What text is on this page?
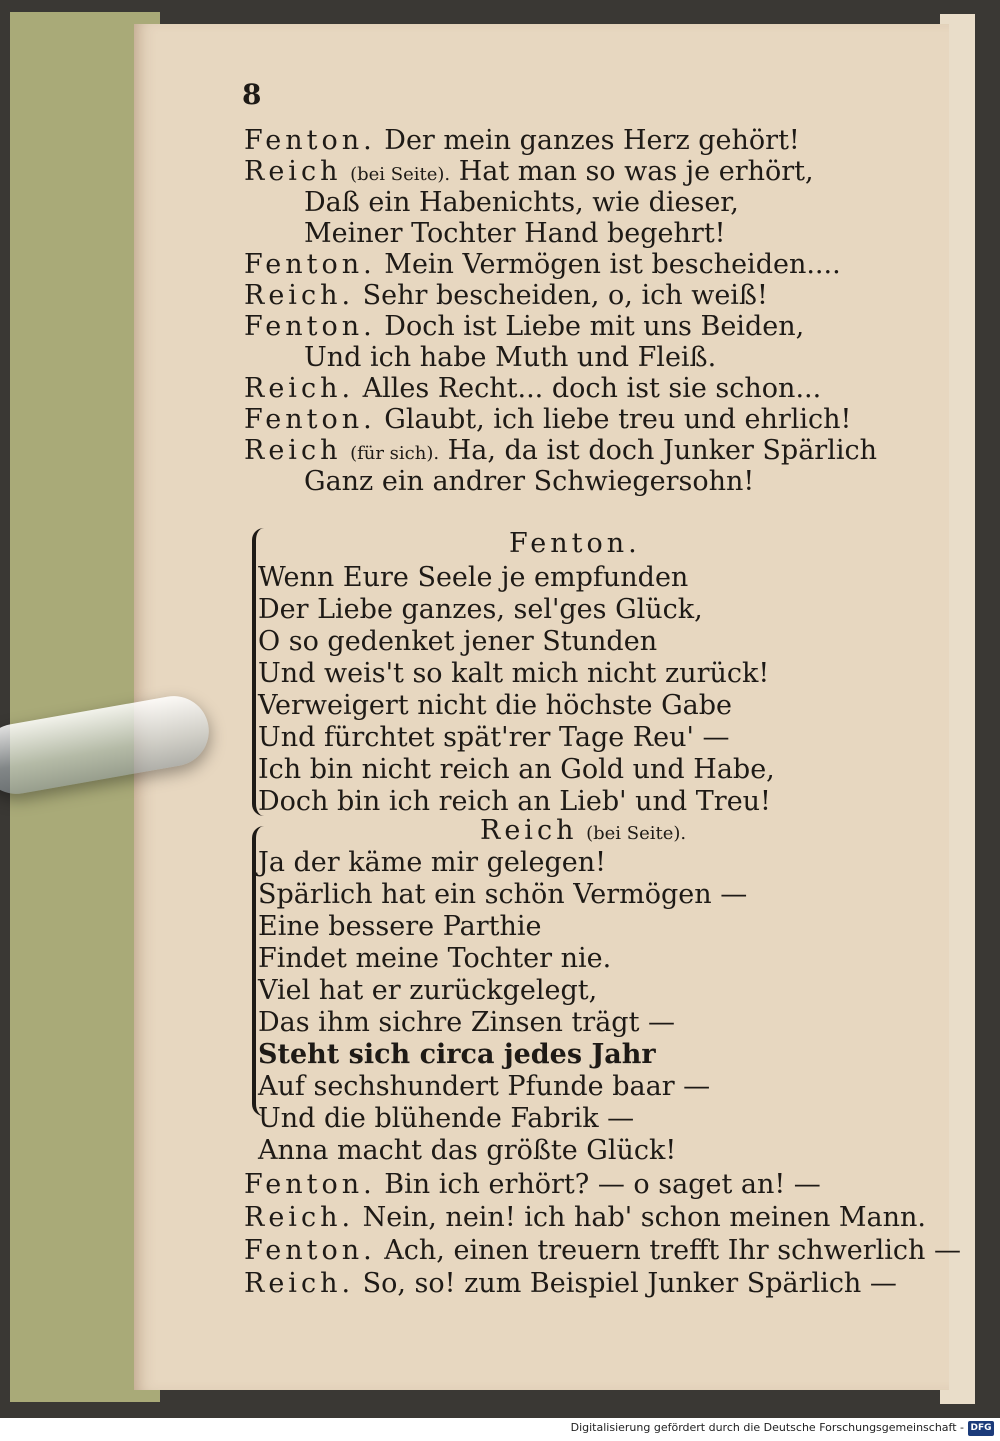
8
Fenton. Der mein ganzes Herz gehört!
Reich (bei Seite). Hat man so was je erhört,
Daß ein Habenichts, wie dieser,
Meiner Tochter Hand begehrt!
Fenton. Mein Vermögen ist bescheiden....
Reich. Sehr bescheiden, o, ich weiß!
Fenton. Doch ist Liebe mit uns Beiden,
Und ich habe Muth und Fleiß.
Reich. Alles Recht... doch ist sie schon...
Fenton. Glaubt, ich liebe treu und ehrlich!
Reich (für sich). Ha, da ist doch Junker Spärlich
Ganz ein andrer Schwiegersohn!
Fenton.
Wenn Eure Seele je empfunden
Der Liebe ganzes, sel'ges Glück,
O so gedenket jener Stunden
Und weis't so kalt mich nicht zurück!
Verweigert nicht die höchste Gabe
Und fürchtet spät'rer Tage Reu' —
Ich bin nicht reich an Gold und Habe,
Doch bin ich reich an Lieb' und Treu!
Reich (bei Seite).
Ja der käme mir gelegen!
Spärlich hat ein schön Vermögen —
Eine bessere Parthie
Findet meine Tochter nie.
Viel hat er zurückgelegt,
Das ihm sichre Zinsen trägt —
Steht sich circa jedes Jahr
Auf sechshundert Pfunde baar —
Und die blühende Fabrik —
Anna macht das größte Glück!
Fenton. Bin ich erhört? — o saget an! —
Reich. Nein, nein! ich hab' schon meinen Mann.
Fenton. Ach, einen treuern trefft Ihr schwerlich —
Reich. So, so! zum Beispiel Junker Spärlich —
Digitalisierung gefördert durch die Deutsche Forschungsgemeinschaft - DFG
